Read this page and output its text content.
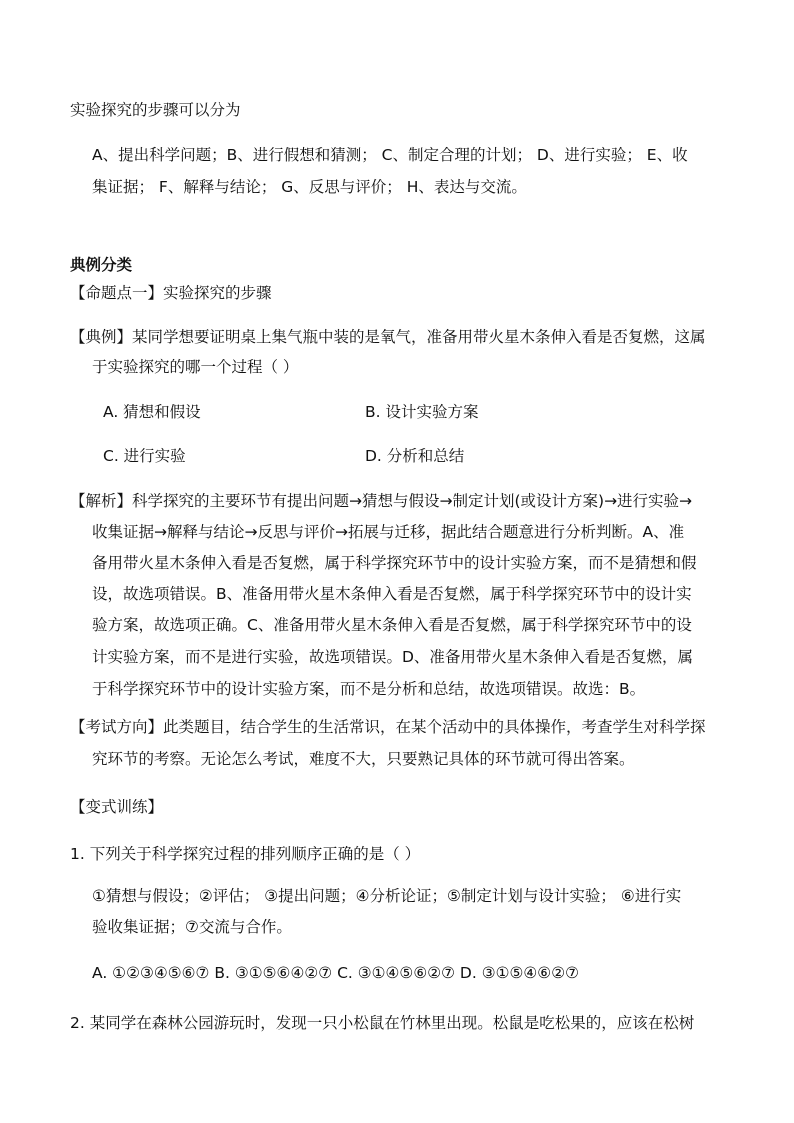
实验探究的步骤可以分为
A、提出科学问题；B、进行假想和猜测； C、制定合理的计划； D、进行实验； E、收
集证据； F、解释与结论； G、反思与评价； H、表达与交流。
典例分类
【命题点一】实验探究的步骤
【典例】某同学想要证明桌上集气瓶中装的是氧气，准备用带火星木条伸入看是否复燃，这属
于实验探究的哪一个过程（ ）
A. 猜想和假设	B. 设计实验方案
C. 进行实验	D. 分析和总结
【解析】科学探究的主要环节有提出问题→猜想与假设→制定计划(或设计方案)→进行实验→
收集证据→解释与结论→反思与评价→拓展与迁移，据此结合题意进行分析判断。A、准
备用带火星木条伸入看是否复燃，属于科学探究环节中的设计实验方案，而不是猜想和假
设，故选项错误。B、准备用带火星木条伸入看是否复燃，属于科学探究环节中的设计实
验方案，故选项正确。C、准备用带火星木条伸入看是否复燃，属于科学探究环节中的设
计实验方案，而不是进行实验，故选项错误。D、准备用带火星木条伸入看是否复燃，属
于科学探究环节中的设计实验方案，而不是分析和总结，故选项错误。故选：B。
【考试方向】此类题目，结合学生的生活常识，在某个活动中的具体操作，考查学生对科学探
究环节的考察。无论怎么考试，难度不大，只要熟记具体的环节就可得出答案。
【变式训练】
1. 下列关于科学探究过程的排列顺序正确的是（ ）
①猜想与假设；②评估； ③提出问题；④分析论证；⑤制定计划与设计实验； ⑥进行实
验收集证据；⑦交流与合作。
A. ①②③④⑤⑥⑦ B. ③①⑤⑥④②⑦ C. ③①④⑤⑥②⑦ D. ③①⑤④⑥②⑦
2. 某同学在森林公园游玩时，发现一只小松鼠在竹林里出现。松鼠是吃松果的，应该在松树
